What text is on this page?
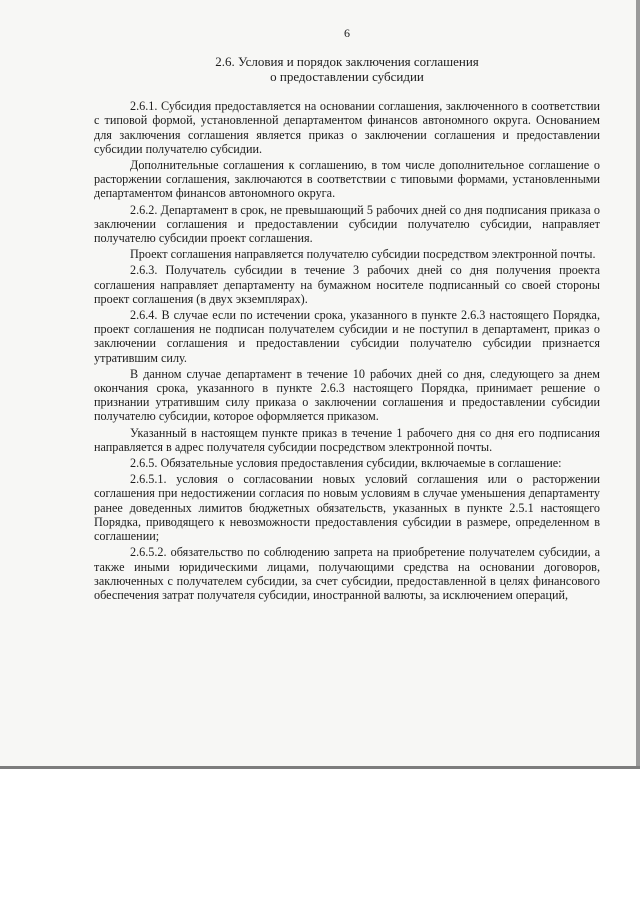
6
2.6. Условия и порядок заключения соглашения
о предоставлении субсидии

2.6.1. Субсидия предоставляется на основании соглашения, заключенного в соответствии с типовой формой, установленной департаментом финансов автономного округа. Основанием для заключения соглашения является приказ о заключении соглашения и предоставлении субсидии получателю субсидии.

Дополнительные соглашения к соглашению, в том числе дополнительное соглашение о расторжении соглашения, заключаются в соответствии с типовыми формами, установленными департаментом финансов автономного округа.

2.6.2. Департамент в срок, не превышающий 5 рабочих дней со дня подписания приказа о заключении соглашения и предоставлении субсидии получателю субсидии, направляет получателю субсидии проект соглашения.

Проект соглашения направляется получателю субсидии посредством электронной почты.

2.6.3. Получатель субсидии в течение 3 рабочих дней со дня получения проекта соглашения направляет департаменту на бумажном носителе подписанный со своей стороны проект соглашения (в двух экземплярах).

2.6.4. В случае если по истечении срока, указанного в пункте 2.6.3 настоящего Порядка, проект соглашения не подписан получателем субсидии и не поступил в департамент, приказ о заключении соглашения и предоставлении субсидии получателю субсидии признается утратившим силу.

В данном случае департамент в течение 10 рабочих дней со дня, следующего за днем окончания срока, указанного в пункте 2.6.3 настоящего Порядка, принимает решение о признании утратившим силу приказа о заключении соглашения и предоставлении субсидии получателю субсидии, которое оформляется приказом.

Указанный в настоящем пункте приказ в течение 1 рабочего дня со дня его подписания направляется в адрес получателя субсидии посредством электронной почты.

2.6.5. Обязательные условия предоставления субсидии, включаемые в соглашение:

2.6.5.1. условия о согласовании новых условий соглашения или о расторжении соглашения при недостижении согласия по новым условиям в случае уменьшения департаменту ранее доведенных лимитов бюджетных обязательств, указанных в пункте 2.5.1 настоящего Порядка, приводящего к невозможности предоставления субсидии в размере, определенном в соглашении;

2.6.5.2. обязательство по соблюдению запрета на приобретение получателем субсидии, а также иными юридическими лицами, получающими средства на основании договоров, заключенных с получателем субсидии, за счет субсидии, предоставленной в целях финансового обеспечения затрат получателя субсидии, иностранной валюты, за исключением операций,
